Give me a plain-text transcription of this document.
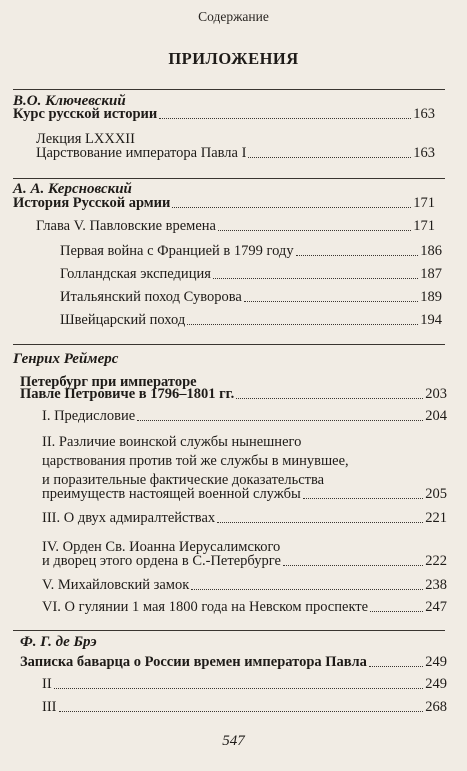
Содержание
ПРИЛОЖЕНИЯ
В.О. Ключевский
Курс русской истории	163
Лекция LXXXII
Царствование императора Павла I	163
А. А. Керсновский
История Русской армии	171
Глава V. Павловские времена	171
Первая война с Францией в 1799 году	186
Голландская экспедиция	187
Итальянский поход Суворова	189
Швейцарский поход	194
Генрих Реймерс
Петербург при императоре
Павле Петровиче в 1796–1801 гг.	203
I. Предисловие	204
II. Различие воинской службы нынешнего
царствования против той же службы в минувшее,
и поразительные фактические доказательства
преимуществ настоящей военной службы	205
III. О двух адмиралтействах	221
IV. Орден Св. Иоанна Иерусалимского
и дворец этого ордена в С.-Петербурге	222
V. Михайловский замок	238
VI. О гулянии 1 мая 1800 года на Невском проспекте	247
Ф. Г. де Брэ
Записка баварца о России времен императора Павла	249
II	249
III	268
547
